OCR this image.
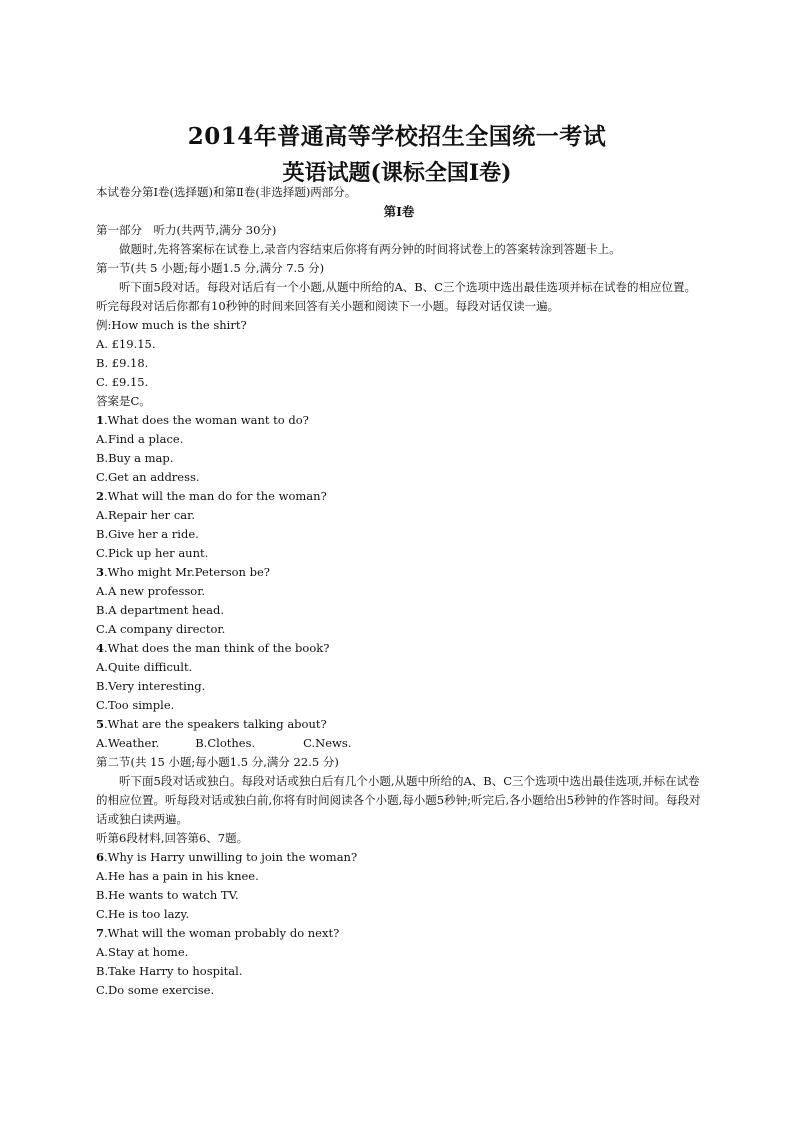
2014年普通高等学校招生全国统一考试
英语试题(课标全国Ⅰ卷)
本试卷分第Ⅰ卷(选择题)和第Ⅱ卷(非选择题)两部分。
第Ⅰ卷
第一部分　听力(共两节,满分 30分)
做题时,先将答案标在试卷上,录音内容结束后你将有两分钟的时间将试卷上的答案转涂到答题卡上。
第一节(共 5 小题;每小题1.5 分,满分 7.5 分)
听下面5段对话。每段对话后有一个小题,从题中所给的A、B、C三个选项中选出最佳选项并标在试卷的相应位置。听完每段对话后你都有10秒钟的时间来回答有关小题和阅读下一小题。每段对话仅读一遍。
例:How much is the shirt?
A. £19.15.
B. £9.18.
C. £9.15.
答案是C。
1.What does the woman want to do?
A.Find a place.
B.Buy a map.
C.Get an address.
2.What will the man do for the woman?
A.Repair her car.
B.Give her a ride.
C.Pick up her aunt.
3.Who might Mr.Peterson be?
A.A new professor.
B.A department head.
C.A company director.
4.What does the man think of the book?
A.Quite difficult.
B.Very interesting.
C.Too simple.
5.What are the speakers talking about?
A.Weather.	B.Clothes.	C.News.
第二节(共 15 小题;每小题1.5 分,满分 22.5 分)
听下面5段对话或独白。每段对话或独白后有几个小题,从题中所给的A、B、C三个选项中选出最佳选项,并标在试卷的相应位置。听每段对话或独白前,你将有时间阅读各个小题,每小题5秒钟;听完后,各小题给出5秒钟的作答时间。每段对话或独白读两遍。
听第6段材料,回答第6、7题。
6.Why is Harry unwilling to join the woman?
A.He has a pain in his knee.
B.He wants to watch TV.
C.He is too lazy.
7.What will the woman probably do next?
A.Stay at home.
B.Take Harry to hospital.
C.Do some exercise.
